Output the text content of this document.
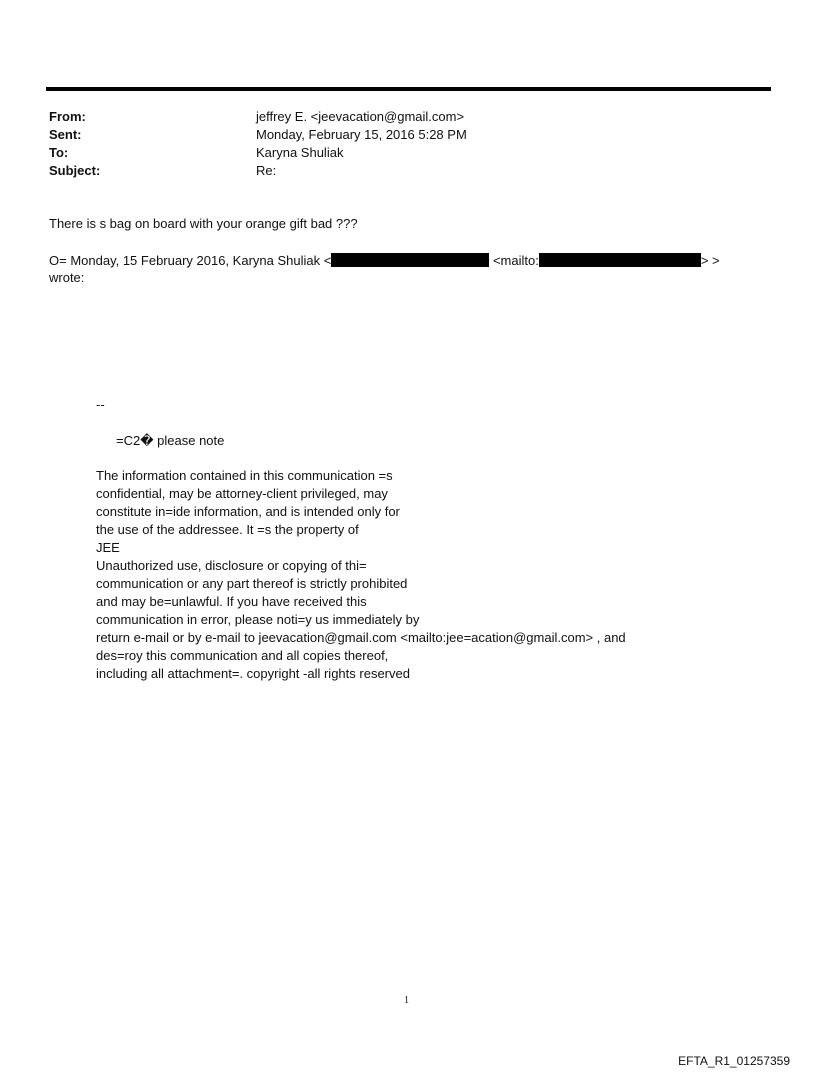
From:	jeffrey E. <jeevacation@gmail.com>
Sent:	Monday, February 15, 2016 5:28 PM
To:	Karyna Shuliak
Subject:	Re:
There is s bag on board with your orange gift bad ???
O= Monday, 15 February 2016, Karyna Shuliak <	<mailto:	> >
wrote:
--
=C2� please note
The information contained in this communication =s
confidential, may be attorney-client privileged, may
constitute in=ide information, and is intended only for
the use of the addressee. It =s the property of
JEE
Unauthorized use, disclosure or copying of thi=
communication or any part thereof is strictly prohibited
and may be=unlawful. If you have received this
communication in error, please noti=y us immediately by
return e-mail or by e-mail to jeevacation@gmail.com <mailto:jee=acation@gmail.com> , and
des=roy this communication and all copies thereof,
including all attachment=. copyright -all rights reserved
1
EFTA_R1_01257359
